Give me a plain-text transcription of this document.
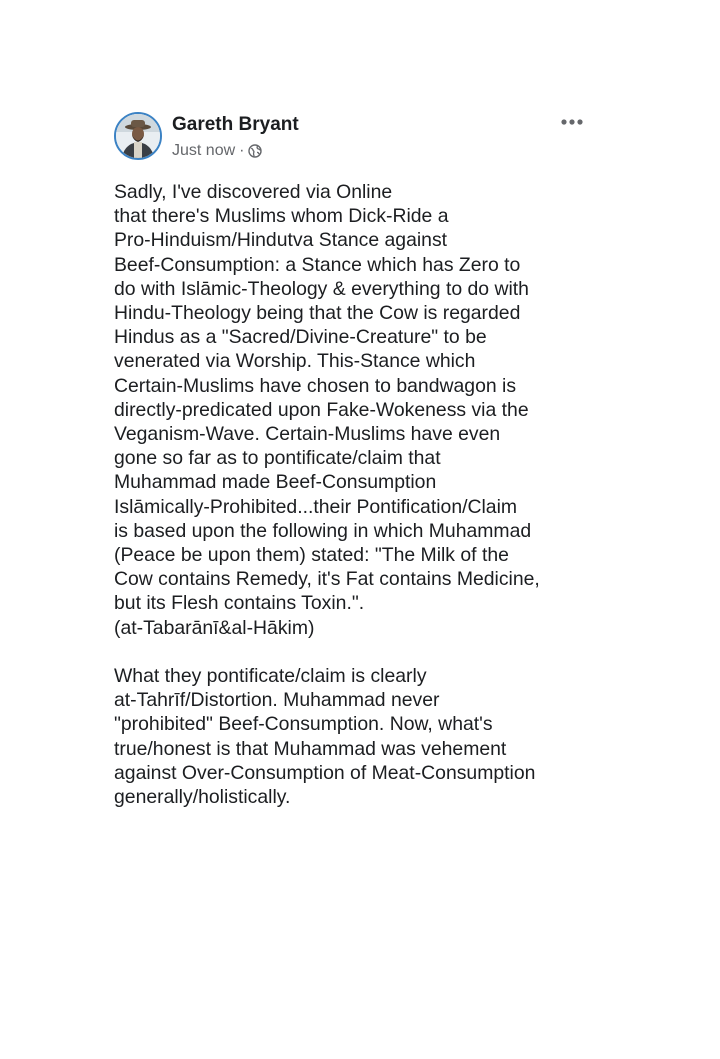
Gareth Bryant
Just now ·

Sadly, I've discovered via Online
that there's Muslims whom Dick-Ride a
Pro-Hinduism/Hindutva Stance against
Beef-Consumption: a Stance which has Zero to
do with Islāmic-Theology & everything to do with
Hindu-Theology being that the Cow is regarded
Hindus as a "Sacred/Divine-Creature" to be
venerated via Worship. This-Stance which
Certain-Muslims have chosen to bandwagon is
directly-predicated upon Fake-Wokeness via the
Veganism-Wave. Certain-Muslims have even
gone so far as to pontificate/claim that
Muhammad made Beef-Consumption
Islāmically-Prohibited...their Pontification/Claim
is based upon the following in which Muhammad
(Peace be upon them) stated: "The Milk of the
Cow contains Remedy, it's Fat contains Medicine,
but its Flesh contains Toxin.".
(at-Tabarānī&al-Hākim)

What they pontificate/claim is clearly
at-Tahrīf/Distortion. Muhammad never
"prohibited" Beef-Consumption. Now, what's
true/honest is that Muhammad was vehement
against Over-Consumption of Meat-Consumption
generally/holistically.
